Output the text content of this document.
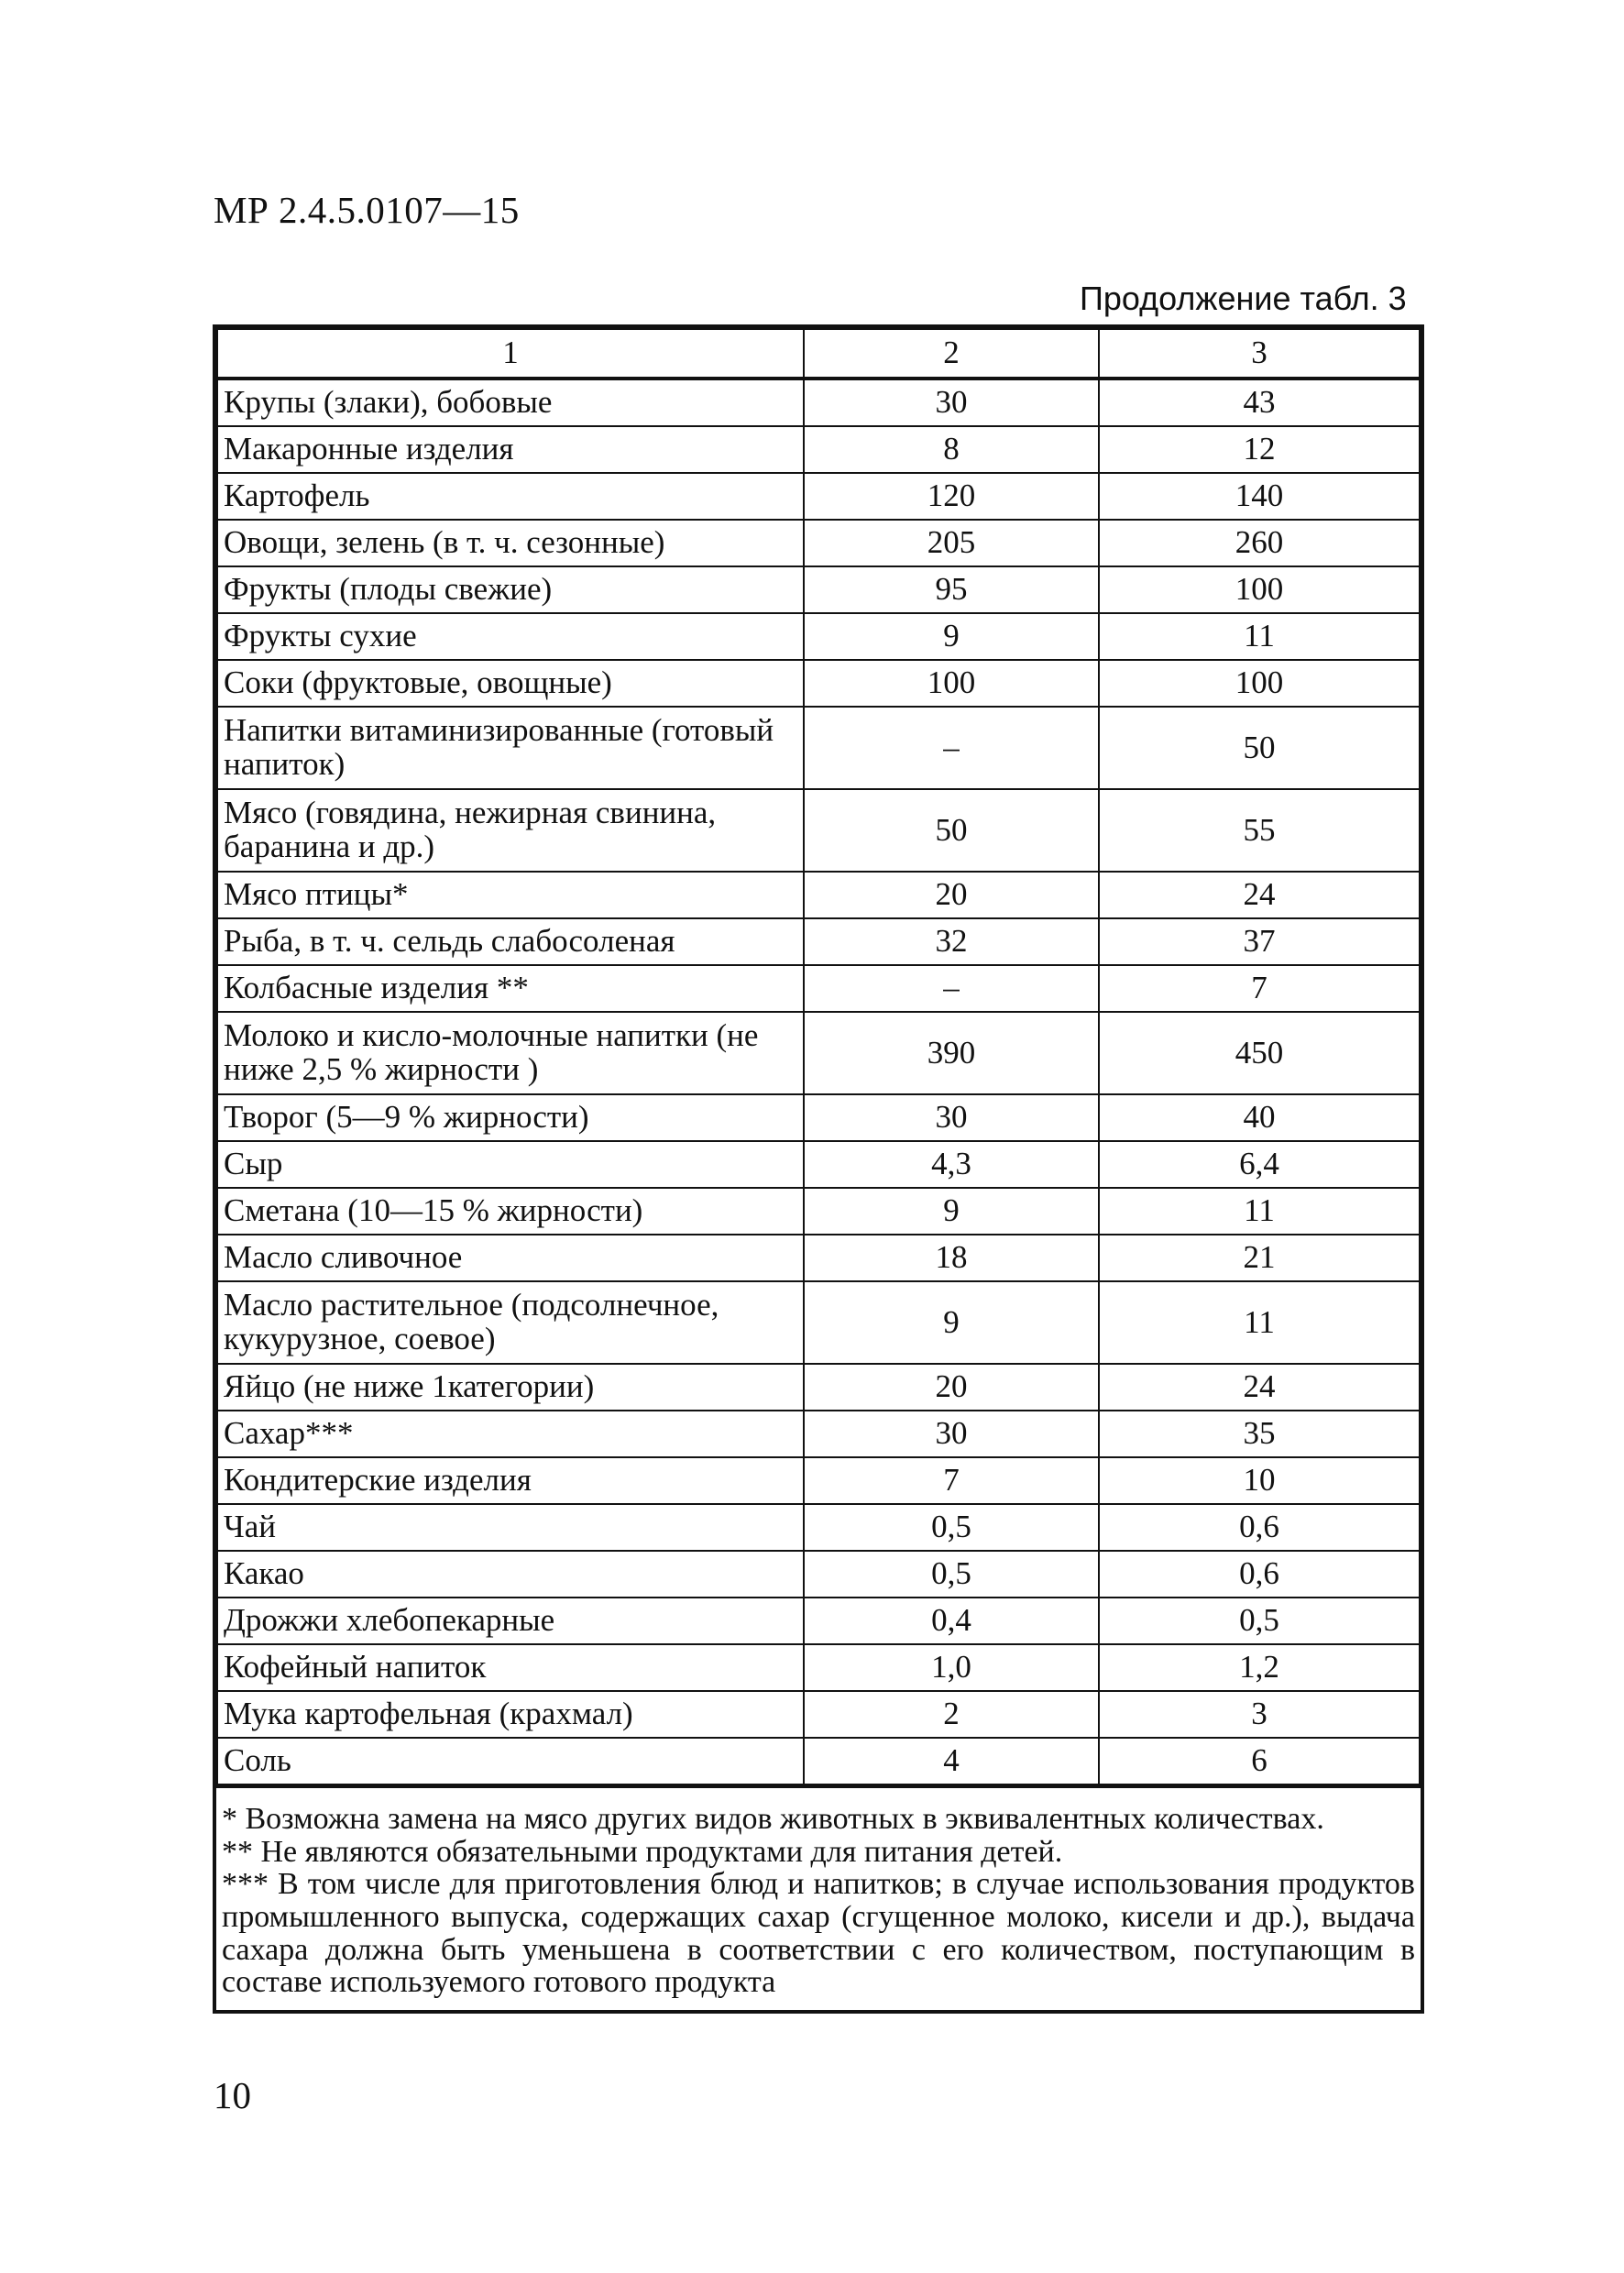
МР 2.4.5.0107—15
Продолжение табл. 3
1	2	3
Крупы (злаки), бобовые	30	43
Макаронные изделия	8	12
Картофель	120	140
Овощи, зелень (в т. ч. сезонные)	205	260
Фрукты (плоды свежие)	95	100
Фрукты сухие	9	11
Соки (фруктовые, овощные)	100	100
Напитки витаминизированные (готовый напиток)	–	50
Мясо (говядина, нежирная свинина, баранина и др.)	50	55
Мясо птицы*	20	24
Рыба, в т. ч. сельдь слабосоленая	32	37
Колбасные изделия **	–	7
Молоко и кисло-молочные напитки (не ниже 2,5 % жирности )	390	450
Творог (5—9 % жирности)	30	40
Сыр	4,3	6,4
Сметана (10—15 % жирности)	9	11
Масло сливочное	18	21
Масло растительное (подсолнечное, кукурузное, соевое)	9	11
Яйцо (не ниже 1категории)	20	24
Сахар***	30	35
Кондитерские изделия	7	10
Чай	0,5	0,6
Какао	0,5	0,6
Дрожжи хлебопекарные	0,4	0,5
Кофейный напиток	1,0	1,2
Мука картофельная (крахмал)	2	3
Соль	4	6

* Возможна замена на мясо других видов животных в эквивалентных количествах.

** Не являются обязательными продуктами для питания детей.

*** В том числе для приготовления блюд и напитков; в случае использования продуктов промышленного выпуска, содержащих сахар (сгущенное молоко, кисели и др.), выдача сахара должна быть уменьшена в соответствии с его количеством, поступающим в составе используемого готового продукта

10
